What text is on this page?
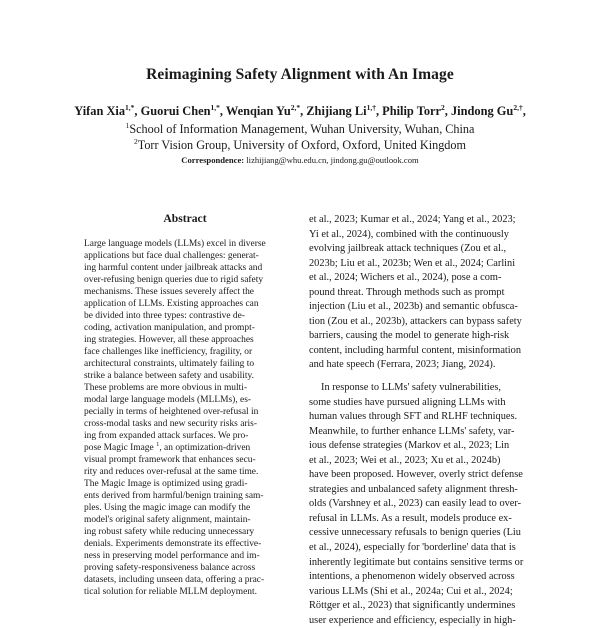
Reimagining Safety Alignment with An Image
Yifan Xia$^{1,*}$, Guorui Chen$^{1,*}$, Wenqian $Yu^{2,*}$, Zhijiang $Li^{1,\dagger}$, Philip Torr$^2$, Jindong $Gu^{2,\dagger}$,
$^1$School of Information Management, Wuhan University, Wuhan, China
$^2$Torr Vision Group, University of Oxford, Oxford, United Kingdom
Correspondence: lizhijiang@whu.edu.cn, jindong.gu@outlook.com
Abstract
Large language models (LLMs) excel in diverse
applications but face dual challenges: generat-
ing harmful content under jailbreak attacks and
over-refusing benign queries due to rigid safety
mechanisms. These issues severely affect the
application of LLMs. Existing approaches can
be divided into three types: contrastive de-
coding, activation manipulation, and prompt-
ing strategies. However, all these approaches
face challenges like inefficiency, fragility, or
architectural constraints, ultimately failing to
strike a balance between safety and usability.
These problems are more obvious in multi-
modal large language models (MLLMs), es-
pecially in terms of heightened over-refusal in
cross-modal tasks and new security risks aris-
ing from expanded attack surfaces. We pro-
pose Magic Image $^1$, an optimization-driven
visual prompt framework that enhances secu-
rity and reduces over-refusal at the same time.
The Magic Image is optimized using gradi-
ents derived from harmful/benign training sam-
ples. Using the magic image can modify the
model's original safety alignment, maintain-
ing robust safety while reducing unnecessary
denials. Experiments demonstrate its effective-
ness in preserving model performance and im-
proving safety-responsiveness balance across
datasets, including unseen data, offering a prac-
tical solution for reliable MLLM deployment.
et al., 2023; Kumar et al., 2024; Yang et al., 2023;
Yi et al., 2024), combined with the continuously
evolving jailbreak attack techniques (Zou et al.,
2023b; Liu et al., 2023b; Wen et al., 2024; Carlini
et al., 2024; Wichers et al., 2024), pose a com-
pound threat. Through methods such as prompt
injection (Liu et al., 2023b) and semantic obfusca-
tion (Zou et al., 2023b), attackers can bypass safety
barriers, causing the model to generate high-risk
content, including harmful content, misinformation
and hate speech (Ferrara, 2023; Jiang, 2024).
In response to LLMs' safety vulnerabilities,
some studies have pursued aligning LLMs with
human values through SFT and RLHF techniques.
Meanwhile, to further enhance LLMs' safety, var-
ious defense strategies (Markov et al., 2023; Lin
et al., 2023; Wei et al., 2023; Xu et al., 2024b)
have been proposed. However, overly strict defense
strategies and unbalanced safety alignment thresh-
olds (Varshney et al., 2023) can easily lead to over-
refusal in LLMs. As a result, models produce ex-
cessive unnecessary refusals to benign queries (Liu
et al., 2024), especially for 'borderline' data that is
inherently legitimate but contains sensitive terms or
intentions, a phenomenon widely observed across
various LLMs (Shi et al., 2024a; Cui et al., 2024;
Röttger et al., 2023) that significantly undermines
user experience and efficiency, especially in high-
